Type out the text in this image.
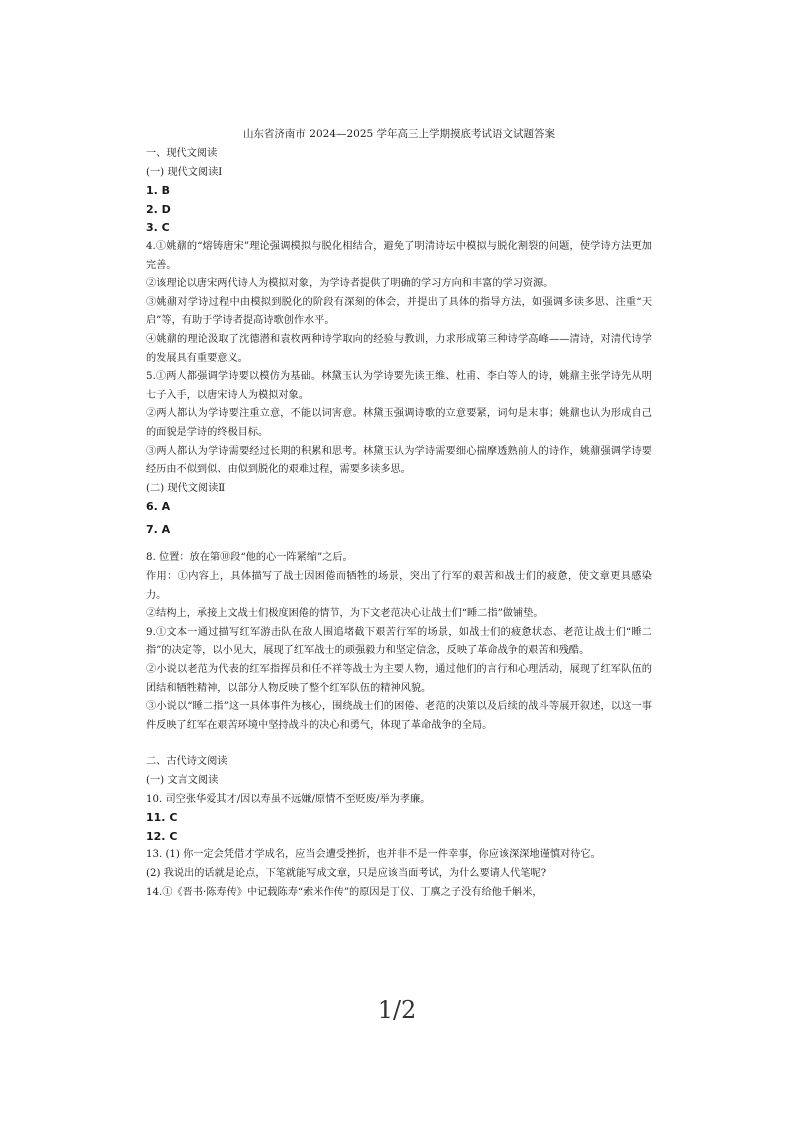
山东省济南市 2024—2025 学年高三上学期摸底考试语文试题答案
一、现代文阅读
(一) 现代文阅读Ⅰ
1. B
2. D
3. C
4.①姚鼐的“熔铸唐宋”理论强调模拟与脱化相结合，避免了明清诗坛中模拟与脱化割裂的问题，使学诗方法更加完善。
②该理论以唐宋两代诗人为模拟对象，为学诗者提供了明确的学习方向和丰富的学习资源。
③姚鼐对学诗过程中由模拟到脱化的阶段有深刻的体会，并提出了具体的指导方法，如强调多读多思、注重“天启”等，有助于学诗者提高诗歌创作水平。
④姚鼐的理论汲取了沈德潜和袁枚两种诗学取向的经验与教训，力求形成第三种诗学高峰——清诗，对清代诗学的发展具有重要意义。
5.①两人都强调学诗要以模仿为基础。林黛玉认为学诗要先读王维、杜甫、李白等人的诗，姚鼐主张学诗先从明七子入手，以唐宋诗人为模拟对象。
②两人都认为学诗要注重立意，不能以词害意。林黛玉强调诗歌的立意要紧，词句是末事；姚鼐也认为形成自己的面貌是学诗的终极目标。
③两人都认为学诗需要经过长期的积累和思考。林黛玉认为学诗需要细心揣摩透熟前人的诗作，姚鼐强调学诗要经历由不似到似、由似到脱化的艰难过程，需要多读多思。
(二) 现代文阅读Ⅱ
6. A
7. A
8. 位置：放在第⑩段“他的心一阵紧缩”之后。
作用：①内容上，具体描写了战士因困倦而牺牲的场景，突出了行军的艰苦和战士们的疲惫，使文章更具感染力。
②结构上，承接上文战士们极度困倦的情节，为下文老范决心让战士们“睡二指”做铺垫。
9.①文本一通过描写红军游击队在敌人围追堵截下艰苦行军的场景，如战士们的疲惫状态、老范让战士们“睡二指”的决定等，以小见大，展现了红军战士的顽强毅力和坚定信念，反映了革命战争的艰苦和残酷。
②小说以老范为代表的红军指挥员和任不祥等战士为主要人物，通过他们的言行和心理活动，展现了红军队伍的团结和牺牲精神，以部分人物反映了整个红军队伍的精神风貌。
③小说以“睡二指”这一具体事件为核心，围绕战士们的困倦、老范的决策以及后续的战斗等展开叙述，以这一事件反映了红军在艰苦环境中坚持战斗的决心和勇气，体现了革命战争的全局。
二、古代诗文阅读
(一) 文言文阅读
10. 司空张华爱其才/因以寿虽不远嫌/原情不至贬废/举为孝廉。
11. C
12. C
13. (1) 你一定会凭借才学成名，应当会遭受挫折，也并非不是一件幸事，你应该深深地谨慎对待它。
(2) 我说出的话就是论点，下笔就能写成文章，只是应该当面考试，为什么要请人代笔呢?
14.①《晋书·陈寿传》中记载陈寿“索米作传”的原因是丁仪、丁廙之子没有给他千斛米，
1/2
